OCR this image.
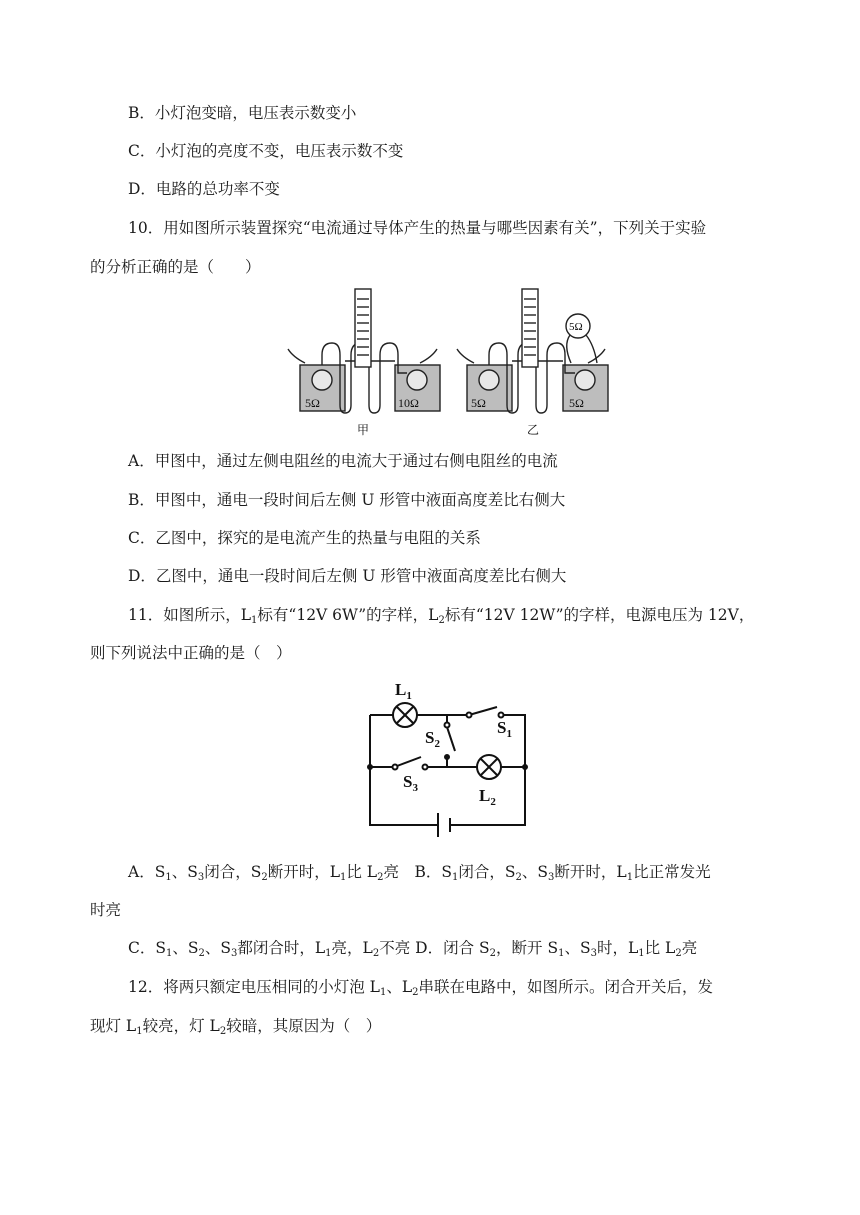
B．小灯泡变暗，电压表示数变小
C．小灯泡的亮度不变，电压表示数不变
D．电路的总功率不变
10．用如图所示装置探究“电流通过导体产生的热量与哪些因素有关”，下列关于实验
的分析正确的是（　　）
5Ω	10Ω	5Ω	5Ω
5Ω
甲	乙
A．甲图中，通过左侧电阻丝的电流大于通过右侧电阻丝的电流
B．甲图中，通电一段时间后左侧 U 形管中液面高度差比右侧大
C．乙图中，探究的是电流产生的热量与电阻的关系
D．乙图中，通电一段时间后左侧 U 形管中液面高度差比右侧大
11．如图所示，$L_1$标有“12V 6W”的字样，$L_2$标有“12V 12W”的字样，电源电压为 12V，
则下列说法中正确的是（　）
$L_1$
$S_1$
$S_2$
$S_3$	$L_2$
A．$S_1$、$S_3$闭合，$S_2$断开时，$L_1$比 $L_2$亮　 B．$S_1$闭合，$S_2$、$S_3$断开时，$L_1$比正常发光
时亮
C．$S_1$、$S_2$、$S_3$都闭合时，$L_1$亮，$L_2$不亮 D．闭合 $S_2$，断开 $S_1$、$S_3$时，$L_1$比 $L_2$亮
12．将两只额定电压相同的小灯泡 $L_1$、$L_2$串联在电路中，如图所示。闭合开关后，发
现灯 $L_1$较亮，灯 $L_2$较暗，其原因为（　）
